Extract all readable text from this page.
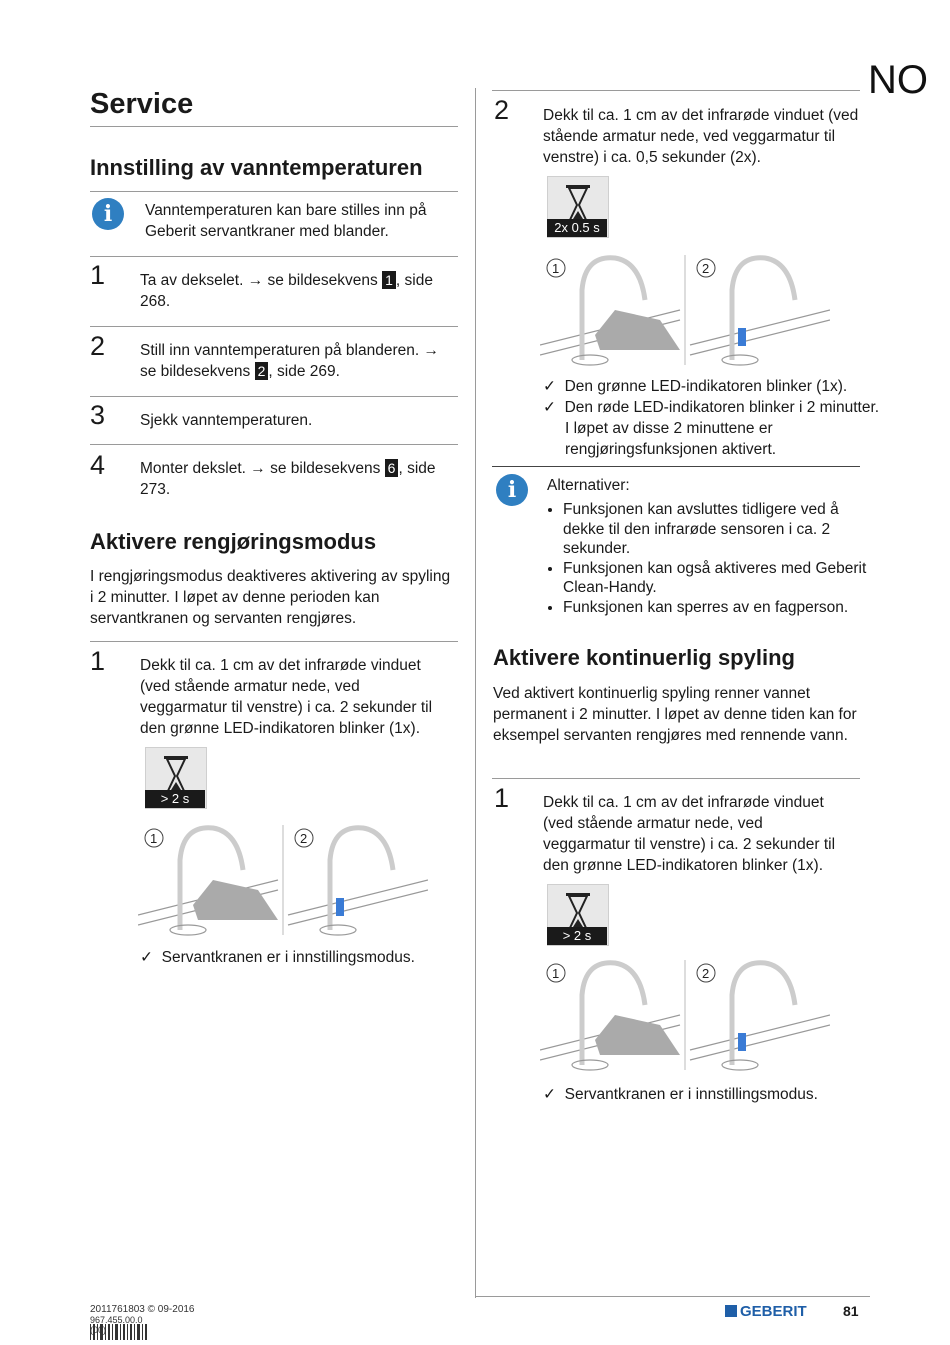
NO
Service
Innstilling av vanntemperaturen
i	Vanntemperaturen kan bare stilles inn på Geberit servantkraner med blander.
1 Ta av dekselet. → se bildesekvens 1 , side 268.
2 Still inn vanntemperaturen på blanderen. → se bildesekvens 2 , side 269.
3 Sjekk vanntemperaturen.
4 Monter dekslet. → se bildesekvens 6 , side 273.
Aktivere rengjøringsmodus
I rengjøringsmodus deaktiveres aktivering av spyling i 2 minutter. I løpet av denne perioden kan servantkranen og servanten rengjøres.
1 Dekk til ca. 1 cm av det infrarøde vinduet (ved stående armatur nede, ved veggarmatur til venstre) i ca. 2 sekunder til den grønne LED-indikatoren blinker (1x).
> 2 s
1	2
✓  Servantkranen er i innstillingsmodus.
2 Dekk til ca. 1 cm av det infrarøde vinduet (ved stående armatur nede, ved veggarmatur til venstre) i ca. 0,5 sekunder (2x).
2x 0.5 s
1	2
✓  Den grønne LED-indikatoren blinker (1x).
✓  Den røde LED-indikatoren blinker i 2 minutter. I løpet av disse 2 minuttene er rengjøringsfunksjonen aktivert.
i	Alternativer:
• Funksjonen kan avsluttes tidligere ved å dekke til den infrarøde sensoren i ca. 2 sekunder.
• Funksjonen kan også aktiveres med Geberit Clean-Handy.
• Funksjonen kan sperres av en fagperson.
Aktivere kontinuerlig spyling
Ved aktivert kontinuerlig spyling renner vannet permanent i 2 minutter. I løpet av denne tiden kan for eksempel servanten rengjøres med rennende vann.
1 Dekk til ca. 1 cm av det infrarøde vinduet (ved stående armatur nede, ved veggarmatur til venstre) i ca. 2 sekunder til den grønne LED-indikatoren blinker (1x).
> 2 s
1	2
✓  Servantkranen er i innstillingsmodus.
2011761803 © 09-2016
967.455.00.0 (00)
GEBERIT	81
